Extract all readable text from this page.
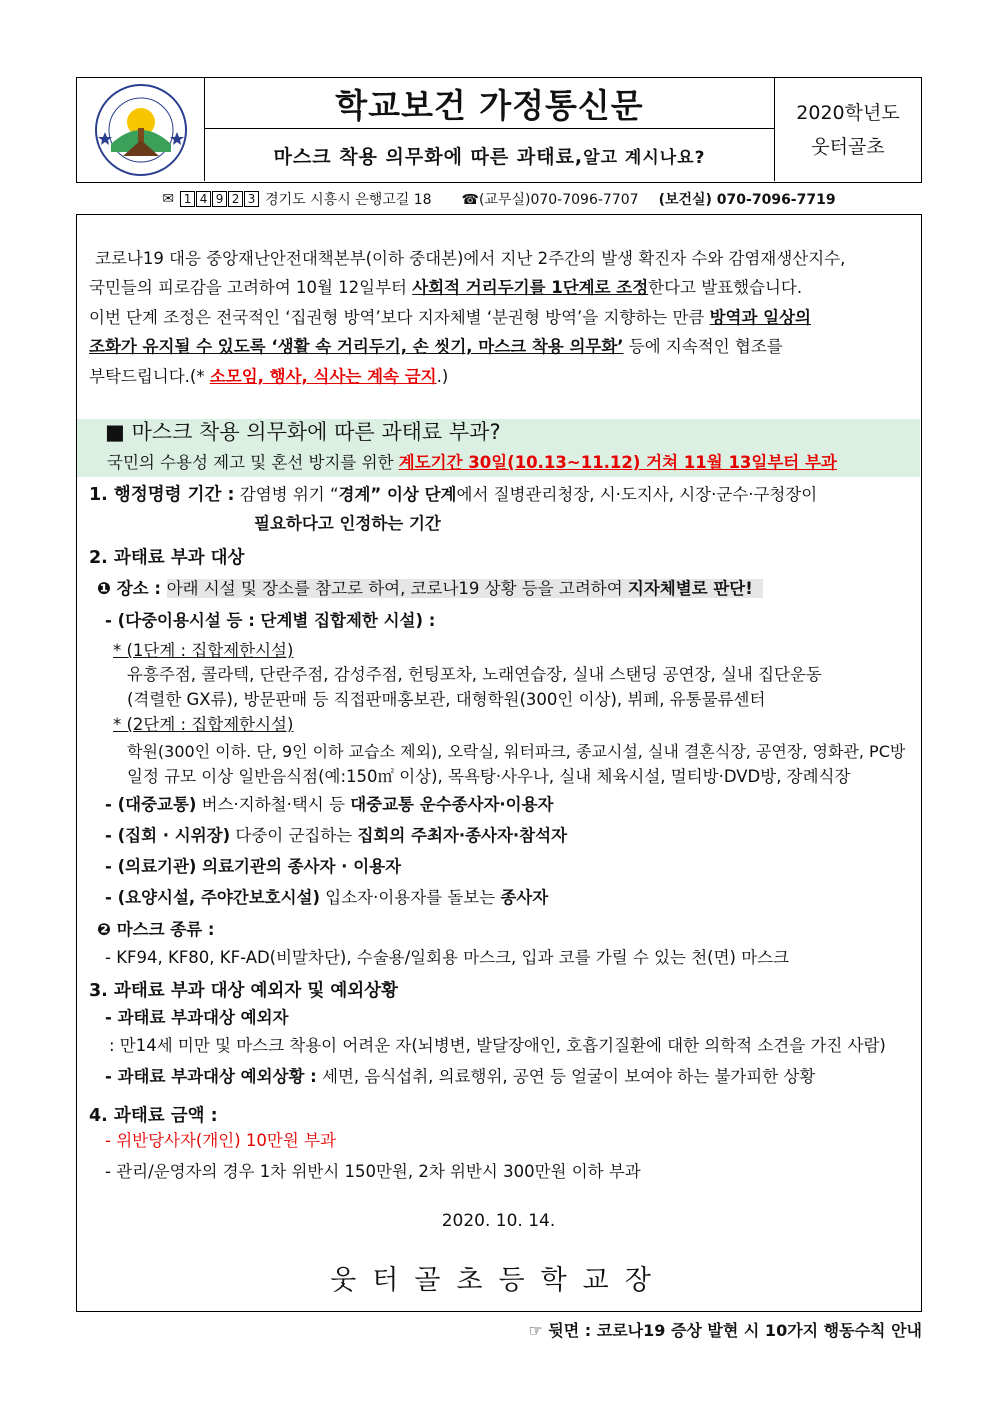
학교보건 가정통신문
마스크 착용 의무화에 따른 과태료, 알고 계시나요?
2020학년도
웃터골초
✉ 1 4 9 2 3 경기도 시흥시 은행고길 18 ☎(교무실)070-7096-7707 (보건실) 070-7096-7719
코로나19 대응 중앙재난안전대책본부(이하 중대본)에서 지난 2주간의 발생 확진자 수와 감염재생산지수,
국민들의 피로감을 고려하여 10월 12일부터 사회적 거리두기를 1단계로 조정한다고 발표했습니다.
이번 단계 조정은 전국적인 ‘집권형 방역’보다 지자체별 ‘분권형 방역’을 지향하는 만큼 방역과 일상의
조화가 유지될 수 있도록 ‘생활 속 거리두기, 손 씻기, 마스크 착용 의무화’ 등에 지속적인 협조를
부탁드립니다.(* 소모임, 행사, 식사는 계속 금지.)
■ 마스크 착용 의무화에 따른 과태료 부과?
국민의 수용성 제고 및 혼선 방지를 위한 계도기간 30일(10.13~11.12) 거쳐 11월 13일부터 부과
1. 행정명령 기간 : 감염병 위기 “경계” 이상 단계에서 질병관리청장, 시·도지사, 시장·군수·구청장이
필요하다고 인정하는 기간
2. 과태료 부과 대상
❶ 장소 : 아래 시설 및 장소를 참고로 하여, 코로나19 상황 등을 고려하여 지자체별로 판단!
- (다중이용시설 등 : 단계별 집합제한 시설) :
* (1단계 : 집합제한시설)
유흥주점, 콜라텍, 단란주점, 감성주점, 헌팅포차, 노래연습장, 실내 스탠딩 공연장, 실내 집단운동
(격렬한 GX류), 방문판매 등 직접판매홍보관, 대형학원(300인 이상), 뷔페, 유통물류센터
* (2단계 : 집합제한시설)
학원(300인 이하. 단, 9인 이하 교습소 제외), 오락실, 워터파크, 종교시설, 실내 결혼식장, 공연장, 영화관, PC방
일정 규모 이상 일반음식점(예:150㎡ 이상), 목욕탕·사우나, 실내 체육시설, 멀티방·DVD방, 장례식장
- (대중교통) 버스·지하철·택시 등 대중교통 운수종사자·이용자
- (집회 · 시위장) 다중이 군집하는 집회의 주최자·종사자·참석자
- (의료기관) 의료기관의 종사자 · 이용자
- (요양시설, 주야간보호시설) 입소자·이용자를 돌보는 종사자
❷ 마스크 종류 :
- KF94, KF80, KF-AD(비말차단), 수술용/일회용 마스크, 입과 코를 가릴 수 있는 천(면) 마스크
3. 과태료 부과 대상 예외자 및 예외상황
- 과태료 부과대상 예외자
: 만14세 미만 및 마스크 착용이 어려운 자(뇌병변, 발달장애인, 호흡기질환에 대한 의학적 소견을 가진 사람)
- 과태료 부과대상 예외상황 : 세면, 음식섭취, 의료행위, 공연 등 얼굴이 보여야 하는 불가피한 상황
4. 과태료 금액 :
- 위반당사자(개인) 10만원 부과
- 관리/운영자의 경우 1차 위반시 150만원, 2차 위반시 300만원 이하 부과
2020. 10. 14.
웃터골초등학교장
☞ 뒷면 : 코로나19 증상 발현 시 10가지 행동수칙 안내
